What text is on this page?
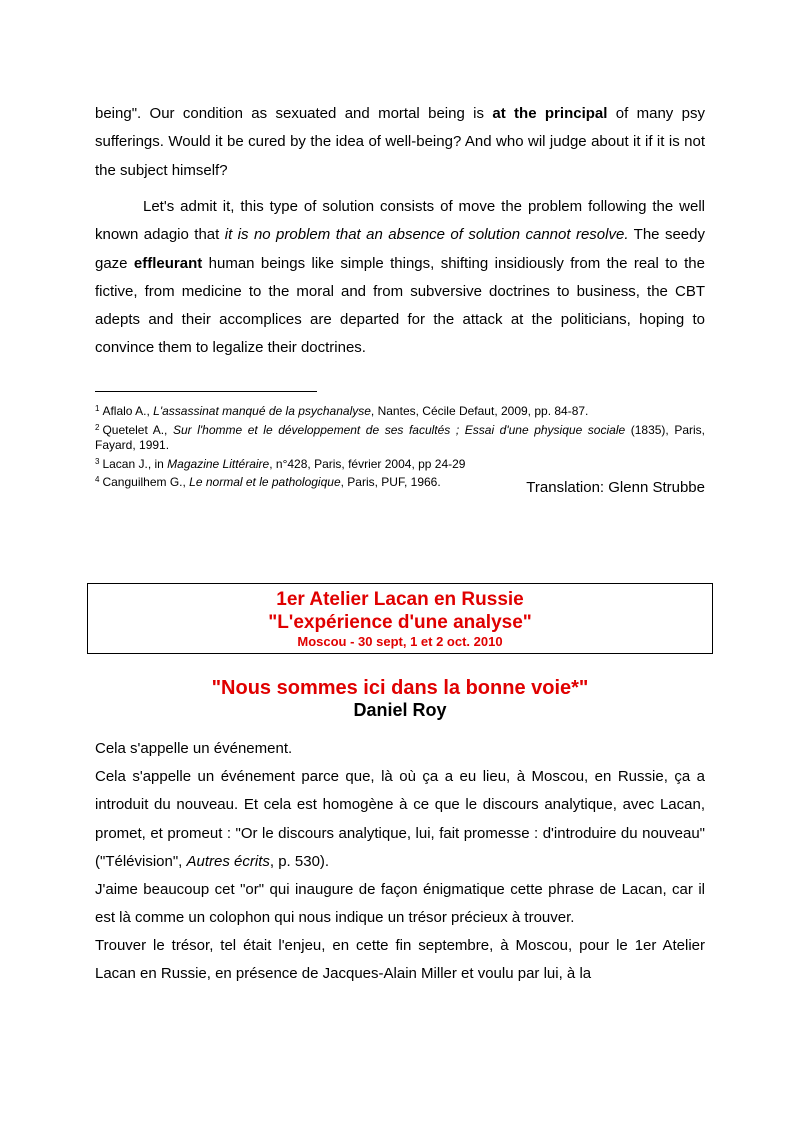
being". Our condition as sexuated and mortal being is at the principal of many psy sufferings. Would it be cured by the idea of well-being? And who wil judge about it if it is not the subject himself?

Let's admit it, this type of solution consists of move the problem following the well known adagio that it is no problem that an absence of solution cannot resolve. The seedy gaze effleurant human beings like simple things, shifting insidiously from the real to the fictive, from medicine to the moral and from subversive doctrines to business, the CBT adepts and their accomplices are departed for the attack at the politicians, hoping to convince them to legalize their doctrines.

$^1$ Aflalo A., L'assassinat manqué de la psychanalyse, Nantes, Cécile Defaut, 2009, pp. 84-87.

$^2$ Quetelet A., Sur l'homme et le développement de ses facultés ; Essai d'une physique sociale (1835), Paris, Fayard, 1991.

$^3$ Lacan J., in Magazine Littéraire, n°428, Paris, février 2004, pp 24-29

$^4$ Canguilhem G., Le normal et le pathologique, Paris, PUF, 1966.	Translation: Glenn Strubbe
1er Atelier Lacan en Russie
"L'expérience d'une analyse"
Moscou - 30 sept, 1 et 2 oct. 2010
"Nous sommes ici dans la bonne voie*"
Daniel Roy

Cela s'appelle un événement.

Cela s'appelle un événement parce que, là où ça a eu lieu, à Moscou, en Russie, ça a introduit du nouveau. Et cela est homogène à ce que le discours analytique, avec Lacan, promet, et promeut : "Or le discours analytique, lui, fait promesse : d'introduire du nouveau" ("Télévision", Autres écrits, p. 530).

J'aime beaucoup cet "or" qui inaugure de façon énigmatique cette phrase de Lacan, car il est là comme un colophon qui nous indique un trésor précieux à trouver.

Trouver le trésor, tel était l'enjeu, en cette fin septembre, à Moscou, pour le 1er Atelier Lacan en Russie, en présence de Jacques-Alain Miller et voulu par lui, à la
